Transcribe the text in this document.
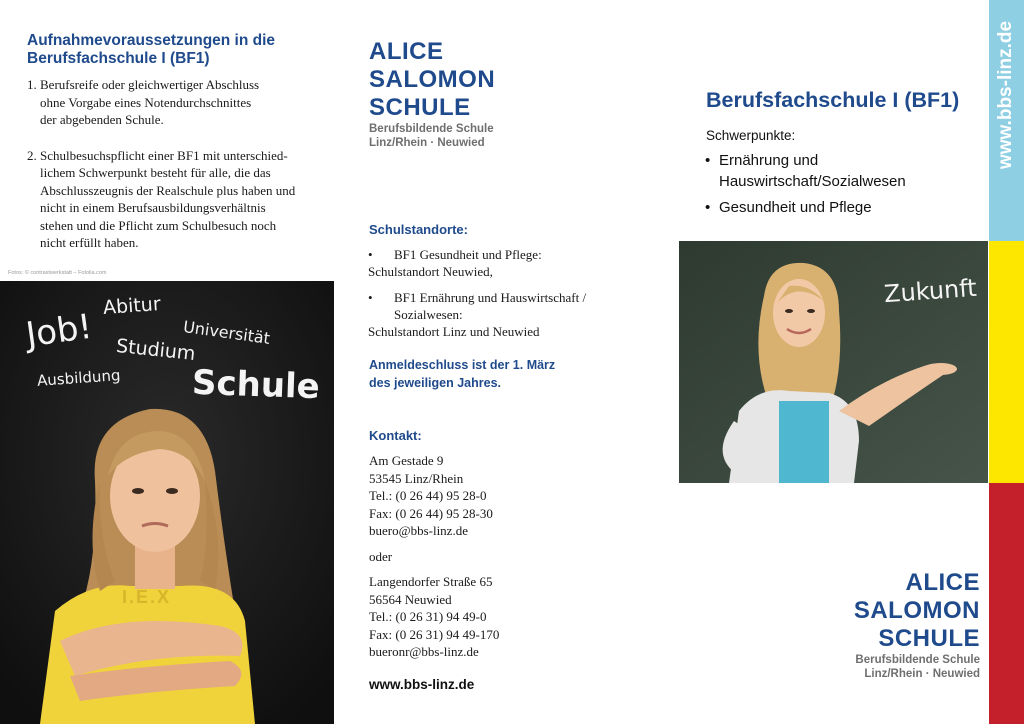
Aufnahmevoraussetzungen in die
Berufsfachschule I (BF1)
1. Berufsreife oder gleichwertiger Abschluss
ohne Vorgabe eines Notendurchschnittes
der abgebenden Schule.
2. Schulbesuchspflicht einer BF1 mit unterschied-
lichem Schwerpunkt besteht für alle, die das
Abschlusszeugnis der Realschule plus haben und
nicht in einem Berufsausbildungsverhältnis
stehen und die Pflicht zum Schulbesuch noch
nicht erfüllt haben.
Fotos: © contrastwerkstatt – Fotolia.com
Job!
Abitur
Universität
Studium
Ausbildung Schule
I.E.X
ALICE
SALOMON
SCHULE
Berufsbildende Schule
Linz/Rhein · Neuwied
Schulstandorte:
• BF1 Gesundheit und Pflege:
Schulstandort Neuwied,
• BF1 Ernährung und Hauswirtschaft /
Sozialwesen:
Schulstandort Linz und Neuwied
Anmeldeschluss ist der 1. März
des jeweiligen Jahres.
Kontakt:
Am Gestade 9
53545 Linz/Rhein
Tel.: (0 26 44) 95 28-0
Fax: (0 26 44) 95 28-30
buero@bbs-linz.de
oder
Langendorfer Straße 65
56564 Neuwied
Tel.: (0 26 31) 94 49-0
Fax: (0 26 31) 94 49-170
bueronr@bbs-linz.de
www.bbs-linz.de
Berufsfachschule I (BF1)
Schwerpunkte:
• Ernährung und
Hauswirtschaft/Sozialwesen
• Gesundheit und Pflege
Zukunft
ALICE
SALOMON
SCHULE
Berufsbildende Schule
Linz/Rhein · Neuwied
www.bbs-linz.de
